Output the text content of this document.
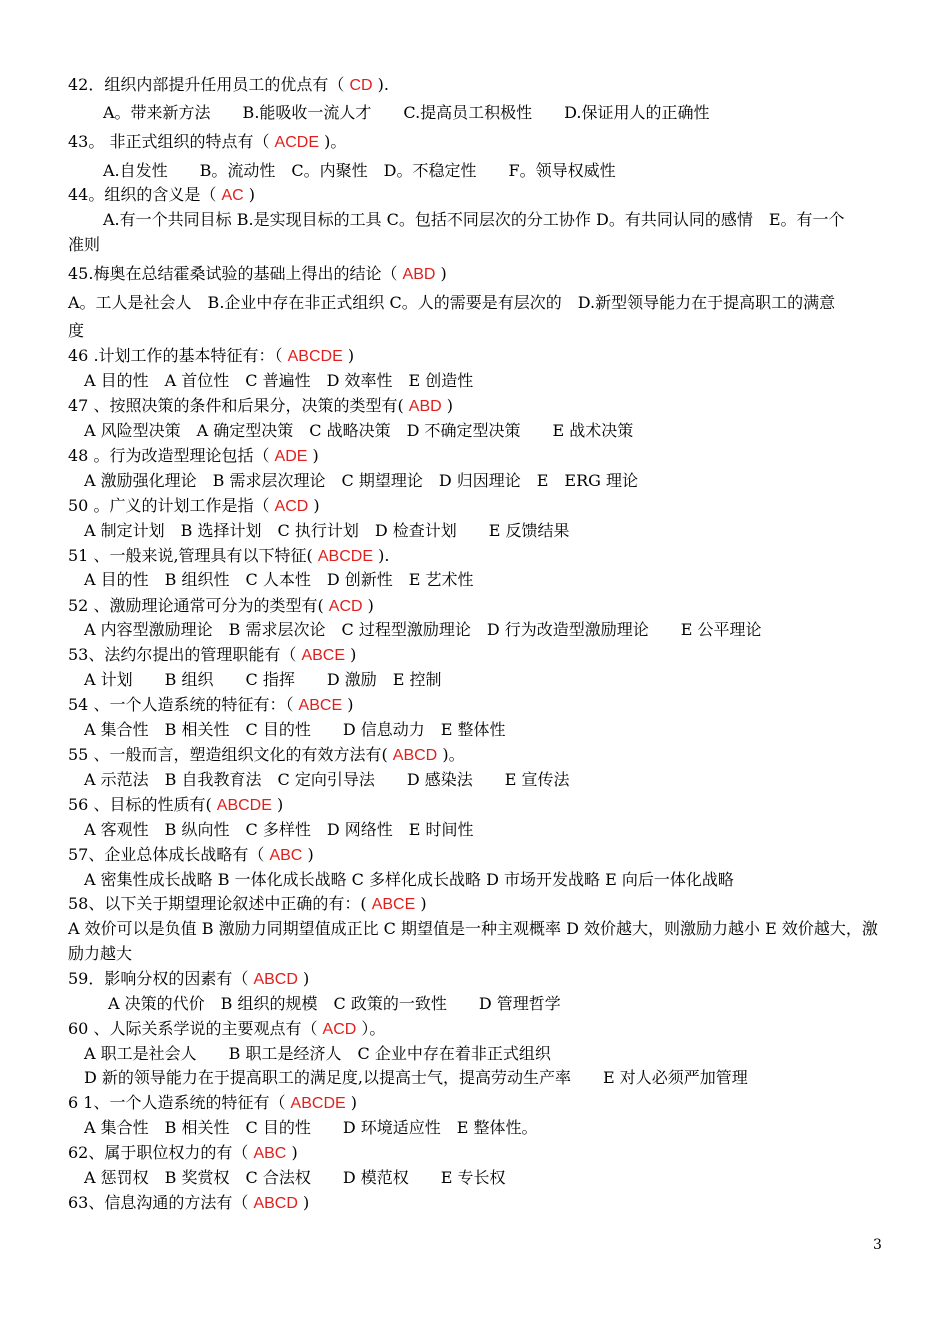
42．组织内部提升任用员工的优点有（ CD ).
A。带来新方法　　B.能吸收一流人才　　C.提高员工积极性　　D.保证用人的正确性
43。 非正式组织的特点有（ ACDE )。
A.自发性　　B。流动性　C。内聚性　D。不稳定性　　F。领导权威性
44。组织的含义是（ AC )
A.有一个共同目标 B.是实现目标的工具 C。包括不同层次的分工协作 D。有共同认同的感情　E。有一个
准则
45.梅奥在总结霍桑试验的基础上得出的结论（ ABD )
A。工人是社会人　B.企业中存在非正式组织 C。人的需要是有层次的　D.新型领导能力在于提高职工的满意
度
46 .计划工作的基本特征有：（ ABCDE )
A 目的性　A 首位性　C 普遍性　D 效率性　E 创造性
47 、按照决策的条件和后果分，决策的类型有( ABD )
A 风险型决策　A 确定型决策　C 战略决策　D 不确定型决策　　E 战术决策
48 。行为改造型理论包括（ ADE )
A 激励强化理论　B 需求层次理论　C 期望理论　D 归因理论　E　ERG 理论
50 。广义的计划工作是指（ ACD )
A 制定计划　B 选择计划　C 执行计划　D 检查计划　　E 反馈结果
51 、一般来说,管理具有以下特征( ABCDE ).
A 目的性　B 组织性　C 人本性　D 创新性　E 艺术性
52 、激励理论通常可分为的类型有( ACD )
A 内容型激励理论　B 需求层次论　C 过程型激励理论　D 行为改造型激励理论　　E 公平理论
53、法约尔提出的管理职能有（ ABCE )
A 计划　　B 组织　　C 指挥　　D 激励　E 控制
54 、一个人造系统的特征有：（ ABCE )
A 集合性　B 相关性　C 目的性　　D 信息动力　E 整体性
55 、一般而言，塑造组织文化的有效方法有( ABCD )。
A 示范法　B 自我教育法　C 定向引导法　　D 感染法　　E 宣传法
56 、目标的性质有( ABCDE )
A 客观性　B 纵向性　C 多样性　D 网络性　E 时间性
57、企业总体成长战略有（ ABC )
A 密集性成长战略 B 一体化成长战略 C 多样化成长战略 D 市场开发战略 E 向后一体化战略
58、以下关于期望理论叙述中正确的有：( ABCE )
A 效价可以是负值 B 激励力同期望值成正比 C 期望值是一种主观概率 D 效价越大，则激励力越小 E 效价越大，激
励力越大
59．影响分权的因素有（ ABCD )
A 决策的代价　B 组织的规模　C 政策的一致性　　D 管理哲学
60 、人际关系学说的主要观点有（ ACD ）。
A 职工是社会人　　B 职工是经济人　C 企业中存在着非正式组织
D 新的领导能力在于提高职工的满足度,以提高士气，提高劳动生产率　　E 对人必须严加管理
6 1、一个人造系统的特征有（ ABCDE )
A 集合性　B 相关性　C 目的性　　D 环境适应性　E 整体性。
62、属于职位权力的有（ ABC )
A 惩罚权　B 奖赏权　C 合法权　　D 模范权　　E 专长权
63、信息沟通的方法有（ ABCD )
3
